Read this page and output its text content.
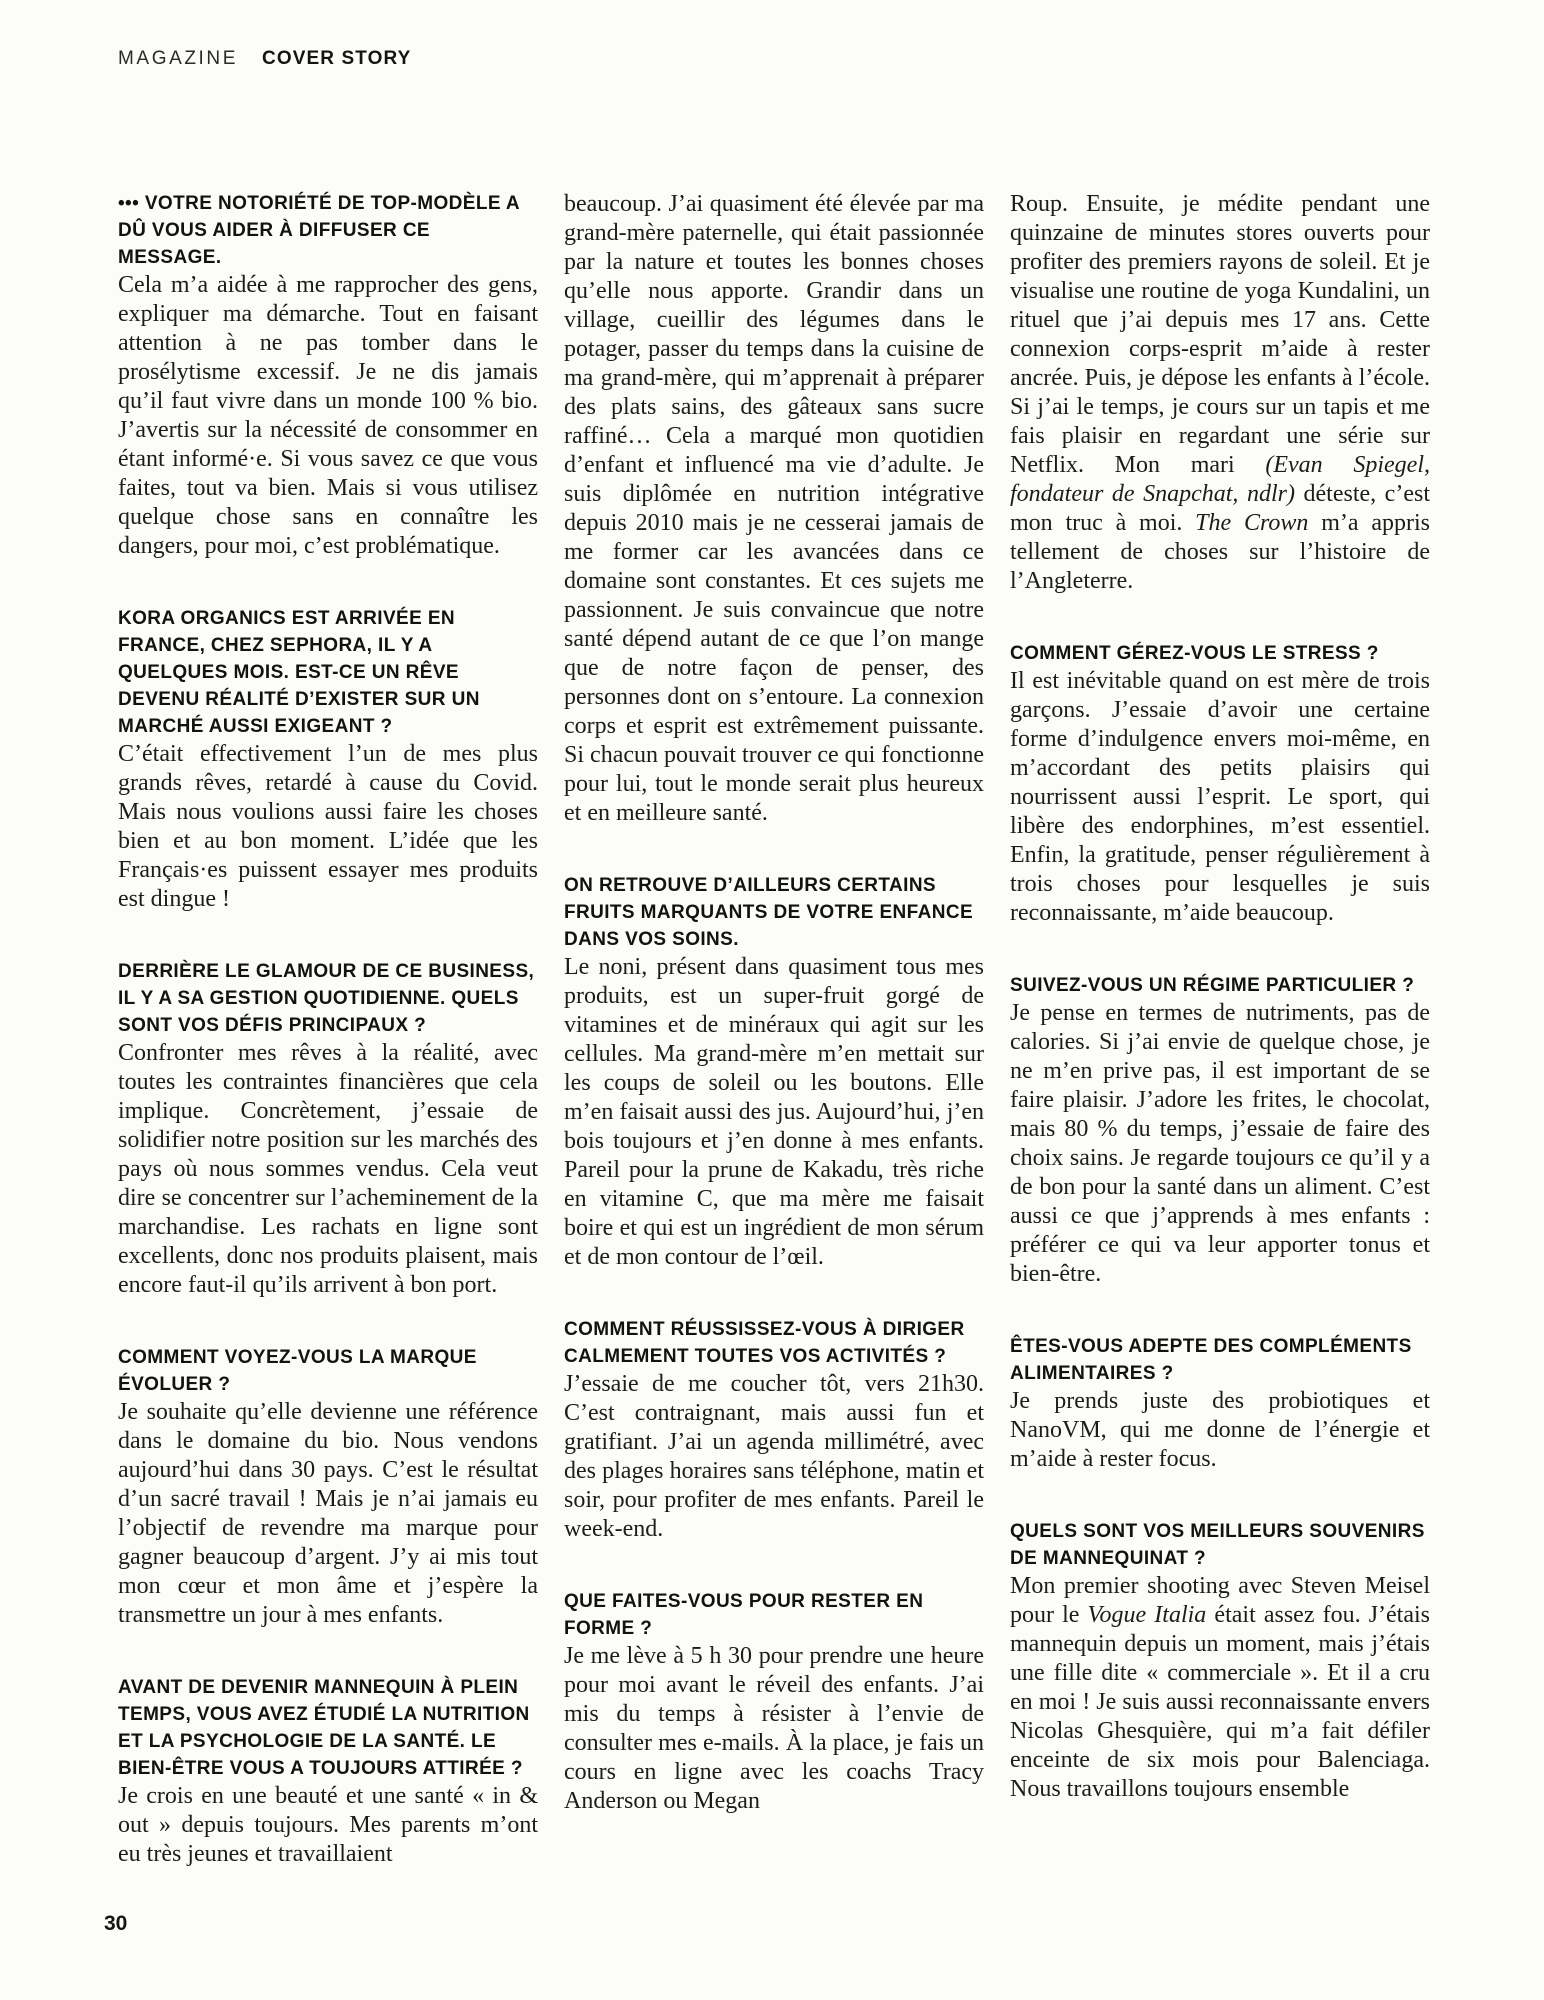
MAGAZINE COVER STORY
••• VOTRE NOTORIÉTÉ DE TOP-MODÈLE A DÛ VOUS AIDER À DIFFUSER CE MESSAGE.

Cela m’a aidée à me rapprocher des gens, expliquer ma démarche. Tout en faisant attention à ne pas tomber dans le prosélytisme excessif. Je ne dis jamais qu’il faut vivre dans un monde 100 % bio. J’avertis sur la nécessité de consommer en étant informé·e. Si vous savez ce que vous faites, tout va bien. Mais si vous utilisez quelque chose sans en connaître les dangers, pour moi, c’est problématique.

KORA ORGANICS EST ARRIVÉE EN FRANCE, CHEZ SEPHORA, IL Y A QUELQUES MOIS. EST-CE UN RÊVE DEVENU RÉALITÉ D’EXISTER SUR UN MARCHÉ AUSSI EXIGEANT ?

C’était effectivement l’un de mes plus grands rêves, retardé à cause du Covid. Mais nous voulions aussi faire les choses bien et au bon moment. L’idée que les Français·es puissent essayer mes produits est dingue !

DERRIÈRE LE GLAMOUR DE CE BUSINESS, IL Y A SA GESTION QUOTIDIENNE. QUELS SONT VOS DÉFIS PRINCIPAUX ?

Confronter mes rêves à la réalité, avec toutes les contraintes financières que cela implique. Concrètement, j’essaie de solidifier notre position sur les marchés des pays où nous sommes vendus. Cela veut dire se concentrer sur l’acheminement de la marchandise. Les rachats en ligne sont excellents, donc nos produits plaisent, mais encore faut-il qu’ils arrivent à bon port.

COMMENT VOYEZ-VOUS LA MARQUE ÉVOLUER ?

Je souhaite qu’elle devienne une référence dans le domaine du bio. Nous vendons aujourd’hui dans 30 pays. C’est le résultat d’un sacré travail ! Mais je n’ai jamais eu l’objectif de revendre ma marque pour gagner beaucoup d’argent. J’y ai mis tout mon cœur et mon âme et j’espère la transmettre un jour à mes enfants.

AVANT DE DEVENIR MANNEQUIN À PLEIN TEMPS, VOUS AVEZ ÉTUDIÉ LA NUTRITION ET LA PSYCHOLOGIE DE LA SANTÉ. LE BIEN-ÊTRE VOUS A TOUJOURS ATTIRÉE ?

Je crois en une beauté et une santé « in & out » depuis toujours. Mes parents m’ont eu très jeunes et travaillaient

beaucoup. J’ai quasiment été élevée par ma grand-mère paternelle, qui était passionnée par la nature et toutes les bonnes choses qu’elle nous apporte. Grandir dans un village, cueillir des légumes dans le potager, passer du temps dans la cuisine de ma grand-mère, qui m’apprenait à préparer des plats sains, des gâteaux sans sucre raffiné… Cela a marqué mon quotidien d’enfant et influencé ma vie d’adulte. Je suis diplômée en nutrition intégrative depuis 2010 mais je ne cesserai jamais de me former car les avancées dans ce domaine sont constantes. Et ces sujets me passionnent. Je suis convaincue que notre santé dépend autant de ce que l’on mange que de notre façon de penser, des personnes dont on s’entoure. La connexion corps et esprit est extrêmement puissante. Si chacun pouvait trouver ce qui fonctionne pour lui, tout le monde serait plus heureux et en meilleure santé.

ON RETROUVE D’AILLEURS CERTAINS FRUITS MARQUANTS DE VOTRE ENFANCE DANS VOS SOINS.

Le noni, présent dans quasiment tous mes produits, est un super-fruit gorgé de vitamines et de minéraux qui agit sur les cellules. Ma grand-mère m’en mettait sur les coups de soleil ou les boutons. Elle m’en faisait aussi des jus. Aujourd’hui, j’en bois toujours et j’en donne à mes enfants. Pareil pour la prune de Kakadu, très riche en vitamine C, que ma mère me faisait boire et qui est un ingrédient de mon sérum et de mon contour de l’œil.

COMMENT RÉUSSISSEZ-VOUS À DIRIGER CALMEMENT TOUTES VOS ACTIVITÉS ?

J’essaie de me coucher tôt, vers 21h30. C’est contraignant, mais aussi fun et gratifiant. J’ai un agenda millimétré, avec des plages horaires sans téléphone, matin et soir, pour profiter de mes enfants. Pareil le week-end.

QUE FAITES-VOUS POUR RESTER EN FORME ?

Je me lève à 5 h 30 pour prendre une heure pour moi avant le réveil des enfants. J’ai mis du temps à résister à l’envie de consulter mes e-mails. À la place, je fais un cours en ligne avec les coachs Tracy Anderson ou Megan

Roup. Ensuite, je médite pendant une quinzaine de minutes stores ouverts pour profiter des premiers rayons de soleil. Et je visualise une routine de yoga Kundalini, un rituel que j’ai depuis mes 17 ans. Cette connexion corps-esprit m’aide à rester ancrée. Puis, je dépose les enfants à l’école. Si j’ai le temps, je cours sur un tapis et me fais plaisir en regardant une série sur Netflix. Mon mari (Evan Spiegel, fondateur de Snapchat, ndlr) déteste, c’est mon truc à moi. The Crown m’a appris tellement de choses sur l’histoire de l’Angleterre.

COMMENT GÉREZ-VOUS LE STRESS ?

Il est inévitable quand on est mère de trois garçons. J’essaie d’avoir une certaine forme d’indulgence envers moi-même, en m’accordant des petits plaisirs qui nourrissent aussi l’esprit. Le sport, qui libère des endorphines, m’est essentiel. Enfin, la gratitude, penser régulièrement à trois choses pour lesquelles je suis reconnaissante, m’aide beaucoup.

SUIVEZ-VOUS UN RÉGIME PARTICULIER ?

Je pense en termes de nutriments, pas de calories. Si j’ai envie de quelque chose, je ne m’en prive pas, il est important de se faire plaisir. J’adore les frites, le chocolat, mais 80 % du temps, j’essaie de faire des choix sains. Je regarde toujours ce qu’il y a de bon pour la santé dans un aliment. C’est aussi ce que j’apprends à mes enfants : préférer ce qui va leur apporter tonus et bien-être.

ÊTES-VOUS ADEPTE DES COMPLÉMENTS ALIMENTAIRES ?

Je prends juste des probiotiques et NanoVM, qui me donne de l’énergie et m’aide à rester focus.

QUELS SONT VOS MEILLEURS SOUVENIRS DE MANNEQUINAT ?

Mon premier shooting avec Steven Meisel pour le Vogue Italia était assez fou. J’étais mannequin depuis un moment, mais j’étais une fille dite « commerciale ». Et il a cru en moi ! Je suis aussi reconnaissante envers Nicolas Ghesquière, qui m’a fait défiler enceinte de six mois pour Balenciaga. Nous travaillons toujours ensemble

30
